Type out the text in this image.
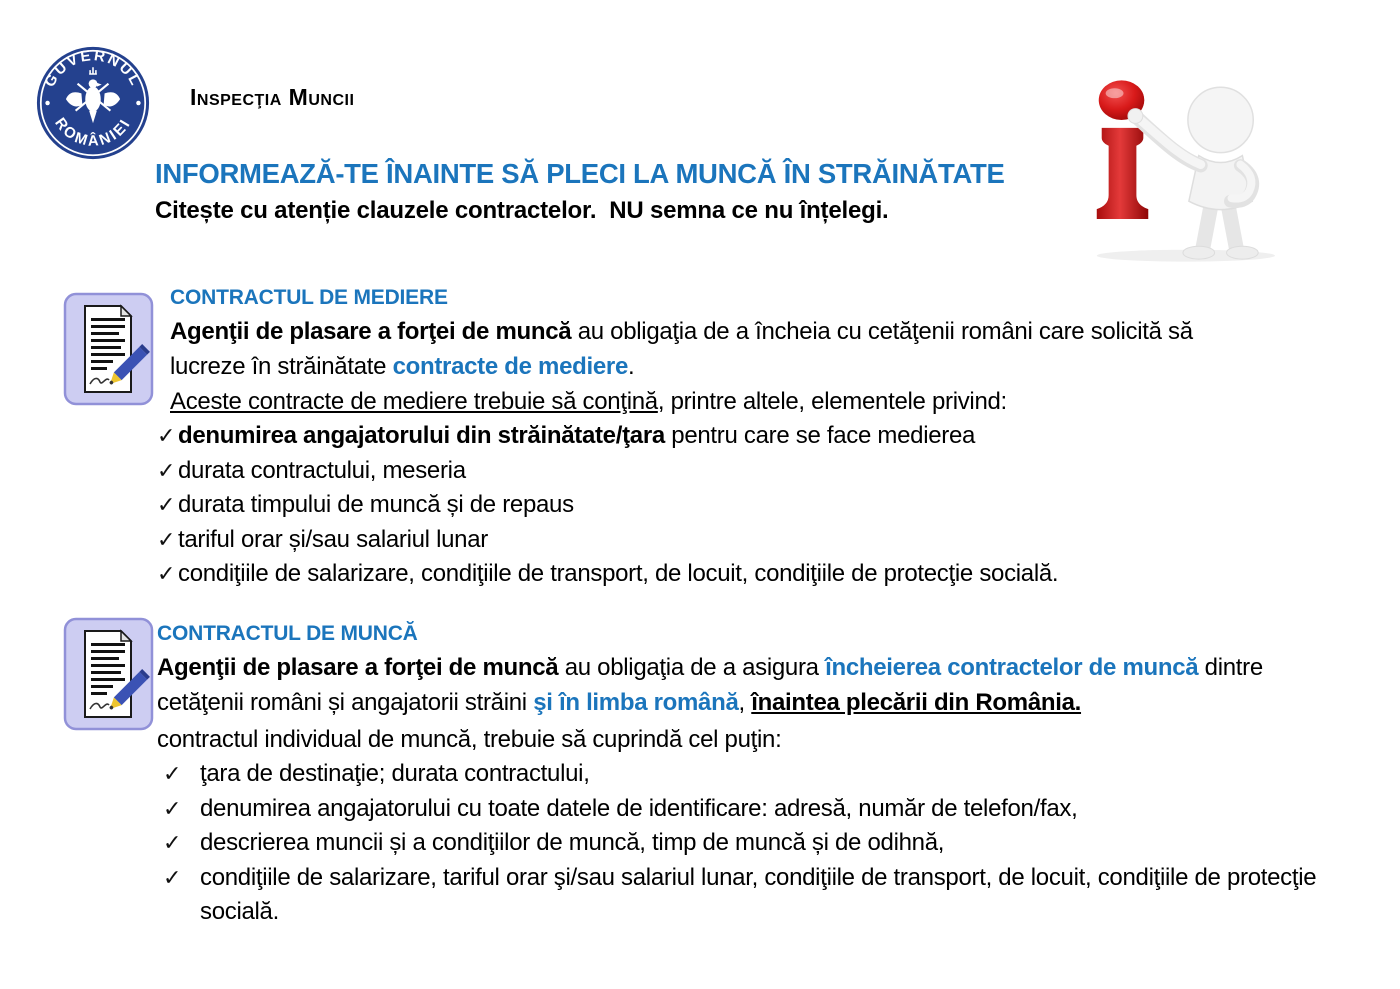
GUVERNUL
ROMÂNIEI
Inspecţia Muncii
INFORMEAZĂ-TE ÎNAINTE SĂ PLECI LA MUNCĂ ÎN STRĂINĂTATE
Citește cu atenție clauzele contractelor.  NU semna ce nu înțelegi.
CONTRACTUL DE MEDIERE
Agenţii de plasare a forţei de muncă au obligaţia de a încheia cu cetăţenii români care solicită să lucreze în străinătate contracte de mediere.
Aceste contracte de mediere trebuie să conţină, printre altele, elementele privind:
✓ denumirea angajatorului din străinătate/ţara pentru care se face medierea
✓ durata contractului, meseria
✓ durata timpului de muncă și de repaus
✓ tariful orar și/sau salariul lunar
✓ condiţiile de salarizare, condiţiile de transport, de locuit, condiţiile de protecţie socială.
CONTRACTUL DE MUNCĂ
Agenţii de plasare a forţei de muncă au obligaţia de a asigura încheierea contractelor de muncă dintre cetăţenii români și angajatorii străini şi în limba română, înaintea plecării din România.
contractul individual de muncă, trebuie să cuprindă cel puţin:
✓ ţara de destinaţie; durata contractului,
✓ denumirea angajatorului cu toate datele de identificare: adresă, număr de telefon/fax,
✓ descrierea muncii și a condiţiilor de muncă, timp de muncă și de odihnă,
✓ condiţiile de salarizare, tariful orar şi/sau salariul lunar, condiţiile de transport, de locuit, condiţiile de protecţie socială.
